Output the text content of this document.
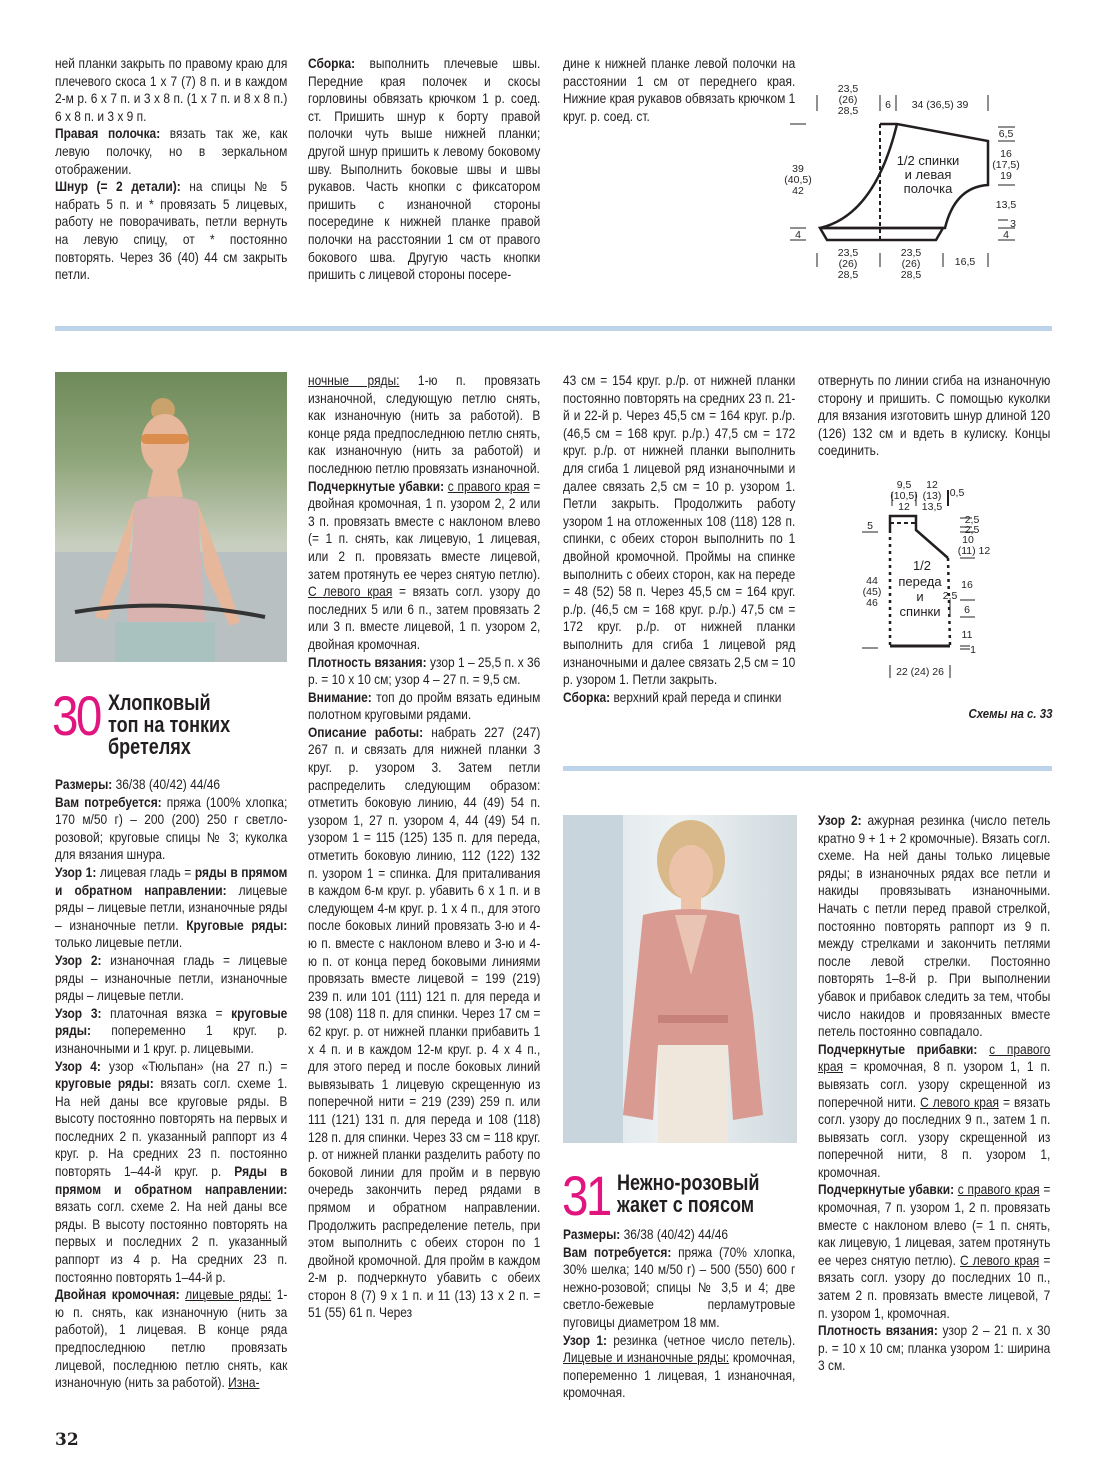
ней планки закрыть по правому краю для плечевого скоса 1 х 7 (7) 8 п. и в каждом 2-м р. 6 х 7 п. и 3 х 8 п. (1 х 7 п. и 8 х 8 п.) 6 х 8 п. и 3 х 9 п.

Правая полочка: вязать так же, как левую полочку, но в зеркальном отображении.

Шнур (= 2 детали): на спицы № 5 набрать 5 п. и * провязать 5 лицевых, работу не поворачивать, петли вернуть на левую спицу, от * постоянно повторять. Через 36 (40) 44 см закрыть петли.

Сборка: выполнить плечевые швы. Передние края полочек и скосы горловины обвязать крючком 1 р. соед. ст. Пришить шнур к борту правой полочки чуть выше нижней планки; другой шнур пришить к левому боковому шву. Выполнить боковые швы и швы рукавов. Часть кнопки с фиксатором пришить с изнаночной стороны посередине к нижней планке правой полочки на расстоянии 1 см от правого бокового шва. Другую часть кнопки пришить с лицевой стороны посере-

дине к нижней планке левой полочки на расстоянии 1 см от переднего края. Нижние края рукавов обвязать крючком 1 круг. р. соед. ст.

1/2 спинки
и левая
полочка
23,5
(26)
28,5	6 34 (36,5) 39
39
(40,5)
42
4
6,5
16
(17,5)
19
13,5
3
4
23,5
(26)
28,5
23,5
(26)
28,5
16,5
30 Хлопковый топ на тонких бретелях

Размеры: 36/38 (40/42) 44/46

Вам потребуется: пряжа (100% хлопка; 170 м/50 г) – 200 (200) 250 г светло-розовой; круговые спицы № 3; куколка для вязания шнура.

Узор 1: лицевая гладь = ряды в прямом и обратном направлении: лицевые ряды – лицевые петли, изнаночные ряды – изнаночные петли. Круговые ряды: только лицевые петли.

Узор 2: изнаночная гладь = лицевые ряды – изнаночные петли, изнаночные ряды – лицевые петли.

Узор 3: платочная вязка = круговые ряды: попеременно 1 круг. р. изнаночными и 1 круг. р. лицевыми.

Узор 4: узор «Тюльпан» (на 27 п.) = круговые ряды: вязать согл. схеме 1. На ней даны все круговые ряды. В высоту постоянно повторять на первых и последних 2 п. указанный раппорт из 4 круг. р. На средних 23 п. постоянно повторять 1–44-й круг. р. Ряды в прямом и обратном направлении: вязать согл. схеме 2. На ней даны все ряды. В высоту постоянно повторять на первых и последних 2 п. указанный раппорт из 4 р. На средних 23 п. постоянно повторять 1–44-й р.

Двойная кромочная: лицевые ряды: 1-ю п. снять, как изнаночную (нить за работой), 1 лицевая. В конце ряда предпоследнюю петлю провязать лицевой, последнюю петлю снять, как изнаночную (нить за работой). Изна-

ночные ряды: 1-ю п. провязать изнаночной, следующую петлю снять, как изнаночную (нить за работой). В конце ряда предпоследнюю петлю снять, как изнаночную (нить за работой) и последнюю петлю провязать изнаночной.

Подчеркнутые убавки: с правого края = двойная кромочная, 1 п. узором 2, 2 или 3 п. провязать вместе с наклоном влево (= 1 п. снять, как лицевую, 1 лицевая, или 2 п. провязать вместе лицевой, затем протянуть ее через снятую петлю). С левого края = вязать согл. узору до последних 5 или 6 п., затем провязать 2 или 3 п. вместе лицевой, 1 п. узором 2, двойная кромочная.

Плотность вязания: узор 1 – 25,5 п. х 36 р. = 10 х 10 см; узор 4 – 27 п. = 9,5 см.

Внимание: топ до пройм вязать единым полотном круговыми рядами.

Описание работы: набрать 227 (247) 267 п. и связать для нижней планки 3 круг. р. узором 3. Затем петли распределить следующим образом: отметить боковую линию, 44 (49) 54 п. узором 1, 27 п. узором 4, 44 (49) 54 п. узором 1 = 115 (125) 135 п. для переда, отметить боковую линию, 112 (122) 132 п. узором 1 = спинка. Для приталивания в каждом 6-м круг. р. убавить 6 х 1 п. и в следующем 4-м круг. р. 1 х 4 п., для этого после боковых линий провязать 3-ю и 4-ю п. вместе с наклоном влево и 3-ю и 4-ю п. от конца перед боковыми линиями провязать вместе лицевой = 199 (219) 239 п. или 101 (111) 121 п. для переда и 98 (108) 118 п. для спинки. Через 17 см = 62 круг. р. от нижней планки прибавить 1 х 4 п. и в каждом 12-м круг. р. 4 х 4 п., для этого перед и после боковых линий вывязывать 1 лицевую скрещенную из поперечной нити = 219 (239) 259 п. или 111 (121) 131 п. для переда и 108 (118) 128 п. для спинки. Через 33 см = 118 круг. р. от нижней планки разделить работу по боковой линии для пройм и в первую очередь закончить перед рядами в прямом и обратном направлении. Продолжить распределение петель, при этом выполнить с обеих сторон по 1 двойной кромочной. Для пройм в каждом 2-м р. подчеркнуто убавить с обеих сторон 8 (7) 9 х 1 п. и 11 (13) 13 х 2 п. = 51 (55) 61 п. Через

43 см = 154 круг. р./р. от нижней планки постоянно повторять на средних 23 п. 21-й и 22-й р. Через 45,5 см = 164 круг. р./р. (46,5 см = 168 круг. р./р.) 47,5 см = 172 круг. р./р. от нижней планки выполнить для сгиба 1 лицевой ряд изнаночными и далее связать 2,5 см = 10 р. узором 1. Петли закрыть. Продолжить работу узором 1 на отложенных 108 (118) 128 п. спинки, с обеих сторон выполнить по 1 двойной кромочной. Проймы на спинке выполнить с обеих сторон, как на переде = 48 (52) 58 п. Через 45,5 см = 164 круг. р./р. (46,5 см = 168 круг. р./р.) 47,5 см = 172 круг. р./р. от нижней планки выполнить для сгиба 1 лицевой ряд изнаночными и далее связать 2,5 см = 10 р. узором 1. Петли закрыть.

Сборка: верхний край переда и спинки

отвернуть по линии сгиба на изнаночную сторону и пришить. С помощью куколки для вязания изготовить шнур длиной 120 (126) 132 см и вдеть в кулиску. Концы соединить.

1/2
переда
и
спинки
9,5
(10,5)
12
12
(13)
13,5
0,5
5
44
(45)
46
2,5
2,5
10
(11) 12
16
2,5
6
11
1
22 (24) 26
Схемы на с. 33
31 Нежно-розовый жакет с поясом

Размеры: 36/38 (40/42) 44/46

Вам потребуется: пряжа (70% хлопка, 30% шелка; 140 м/50 г) – 500 (550) 600 г нежно-розовой; спицы № 3,5 и 4; две светло-бежевые перламутровые пуговицы диаметром 18 мм.

Узор 1: резинка (четное число петель). Лицевые и изнаночные ряды: кромочная, попеременно 1 лицевая, 1 изнаночная, кромочная.

Узор 2: ажурная резинка (число петель кратно 9 + 1 + 2 кромочные). Вязать согл. схеме. На ней даны только лицевые ряды; в изнаночных рядах все петли и накиды провязывать изнаночными. Начать с петли перед правой стрелкой, постоянно повторять раппорт из 9 п. между стрелками и закончить петлями после левой стрелки. Постоянно повторять 1–8-й р. При выполнении убавок и прибавок следить за тем, чтобы число накидов и провязанных вместе петель постоянно совпадало.

Подчеркнутые прибавки: с правого края = кромочная, 8 п. узором 1, 1 п. вывязать согл. узору скрещенной из поперечной нити. С левого края = вязать согл. узору до последних 9 п., затем 1 п. вывязать согл. узору скрещенной из поперечной нити, 8 п. узором 1, кромочная.

Подчеркнутые убавки: с правого края = кромочная, 7 п. узором 1, 2 п. провязать вместе с наклоном влево (= 1 п. снять, как лицевую, 1 лицевая, затем протянуть ее через снятую петлю). С левого края = вязать согл. узору до последних 10 п., затем 2 п. провязать вместе лицевой, 7 п. узором 1, кромочная.

Плотность вязания: узор 2 – 21 п. х 30 р. = 10 х 10 см; планка узором 1: ширина 3 см.

32
